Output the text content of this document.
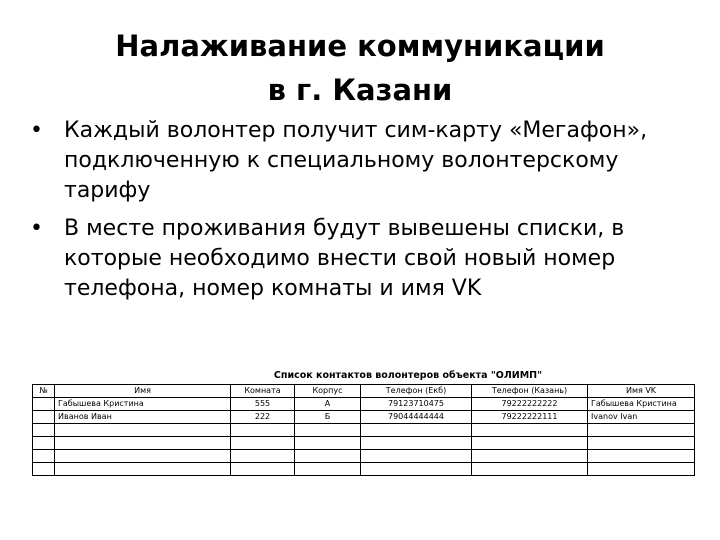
Налаживание коммуникации
в г. Казани
• Каждый волонтер получит сим-карту «Мегафон», подключенную к специальному волонтерскому тарифу
• В месте проживания будут вывешены списки, в которые необходимо внести свой новый номер телефона, номер комнаты и имя VK
Список контактов волонтеров объекта "ОЛИМП"
№	Имя	Комната	Корпус	Телефон (Екб)	Телефон (Казань)	Имя VK
	Габышева Кристина	555	А	79123710475	79222222222	Габышева Кристина
	Иванов Иван	222	Б	79044444444	79222222111	Ivanov Ivan
